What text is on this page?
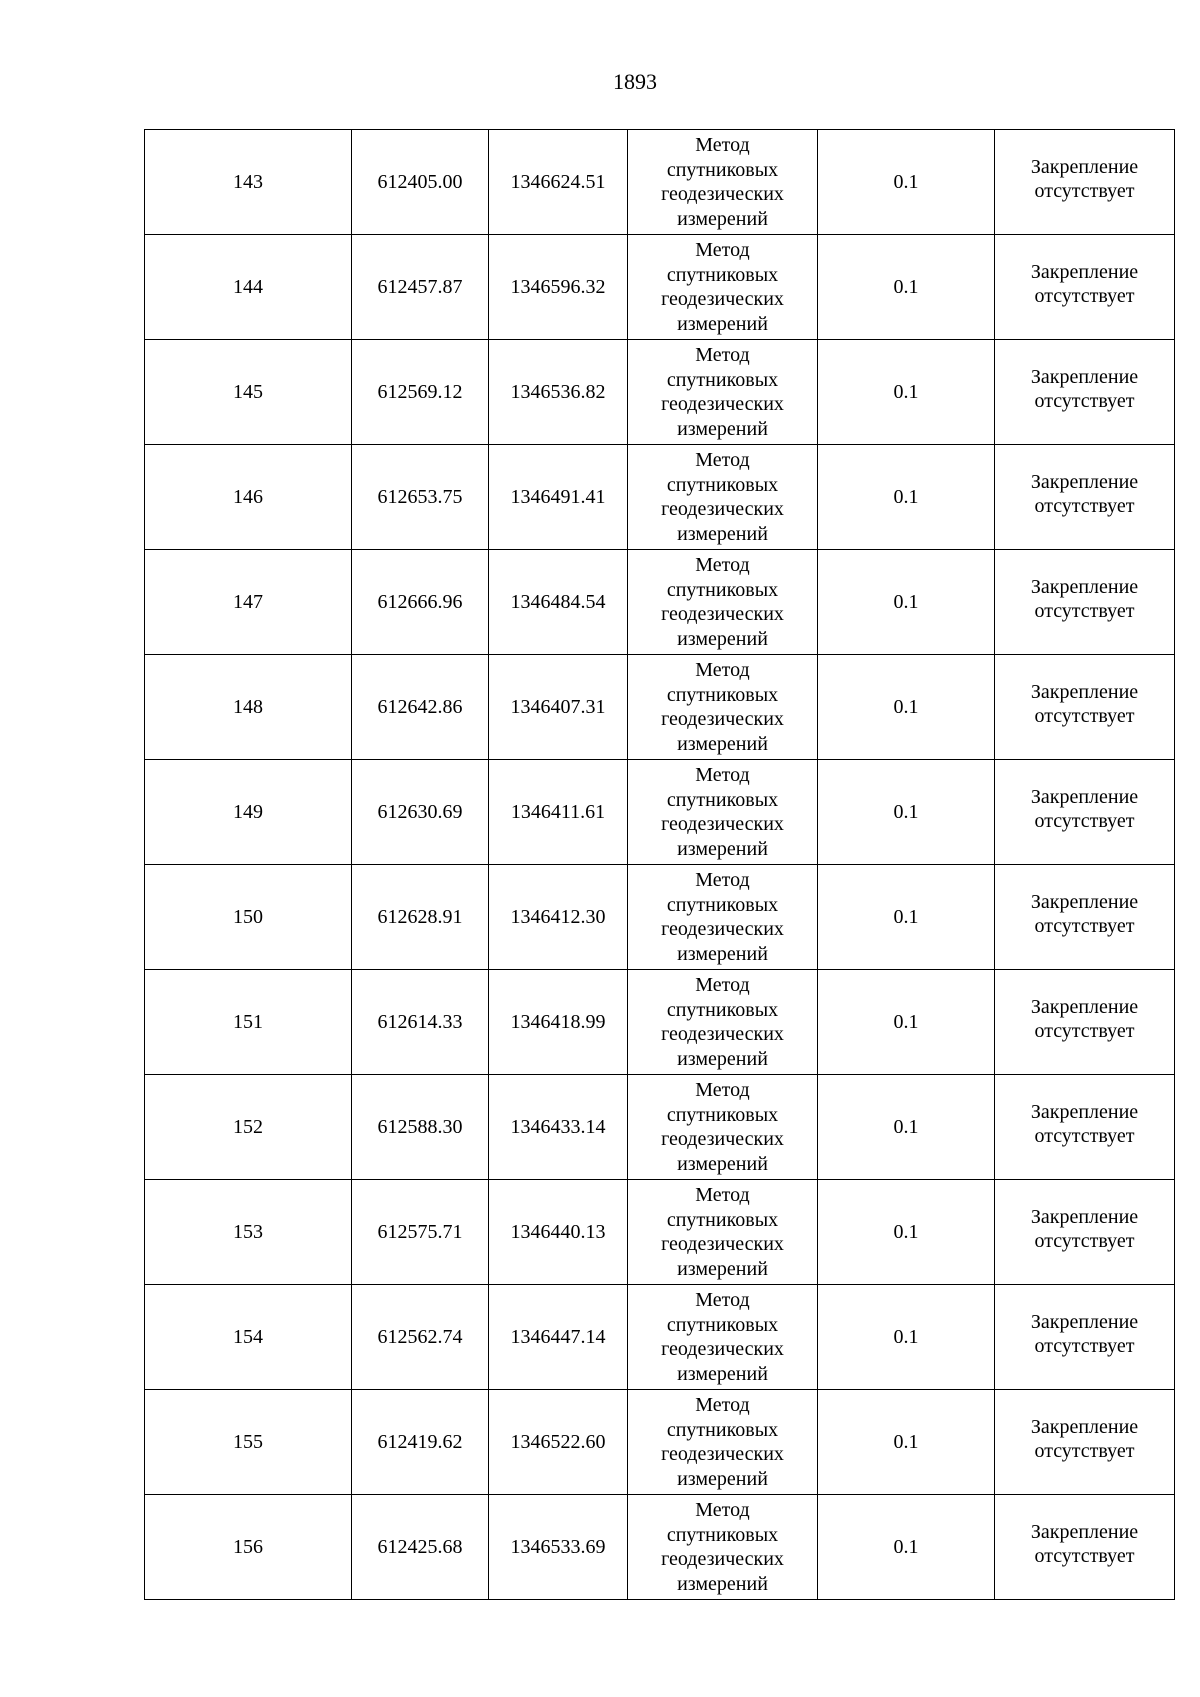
1893
143	612405.00	1346624.51	Метод
спутниковых
геодезических
измерений	0.1	Закрепление
отсутствует
144	612457.87	1346596.32	Метод
спутниковых
геодезических
измерений	0.1	Закрепление
отсутствует
145	612569.12	1346536.82	Метод
спутниковых
геодезических
измерений	0.1	Закрепление
отсутствует
146	612653.75	1346491.41	Метод
спутниковых
геодезических
измерений	0.1	Закрепление
отсутствует
147	612666.96	1346484.54	Метод
спутниковых
геодезических
измерений	0.1	Закрепление
отсутствует
148	612642.86	1346407.31	Метод
спутниковых
геодезических
измерений	0.1	Закрепление
отсутствует
149	612630.69	1346411.61	Метод
спутниковых
геодезических
измерений	0.1	Закрепление
отсутствует
150	612628.91	1346412.30	Метод
спутниковых
геодезических
измерений	0.1	Закрепление
отсутствует
151	612614.33	1346418.99	Метод
спутниковых
геодезических
измерений	0.1	Закрепление
отсутствует
152	612588.30	1346433.14	Метод
спутниковых
геодезических
измерений	0.1	Закрепление
отсутствует
153	612575.71	1346440.13	Метод
спутниковых
геодезических
измерений	0.1	Закрепление
отсутствует
154	612562.74	1346447.14	Метод
спутниковых
геодезических
измерений	0.1	Закрепление
отсутствует
155	612419.62	1346522.60	Метод
спутниковых
геодезических
измерений	0.1	Закрепление
отсутствует
156	612425.68	1346533.69	Метод
спутниковых
геодезических
измерений	0.1	Закрепление
отсутствует
